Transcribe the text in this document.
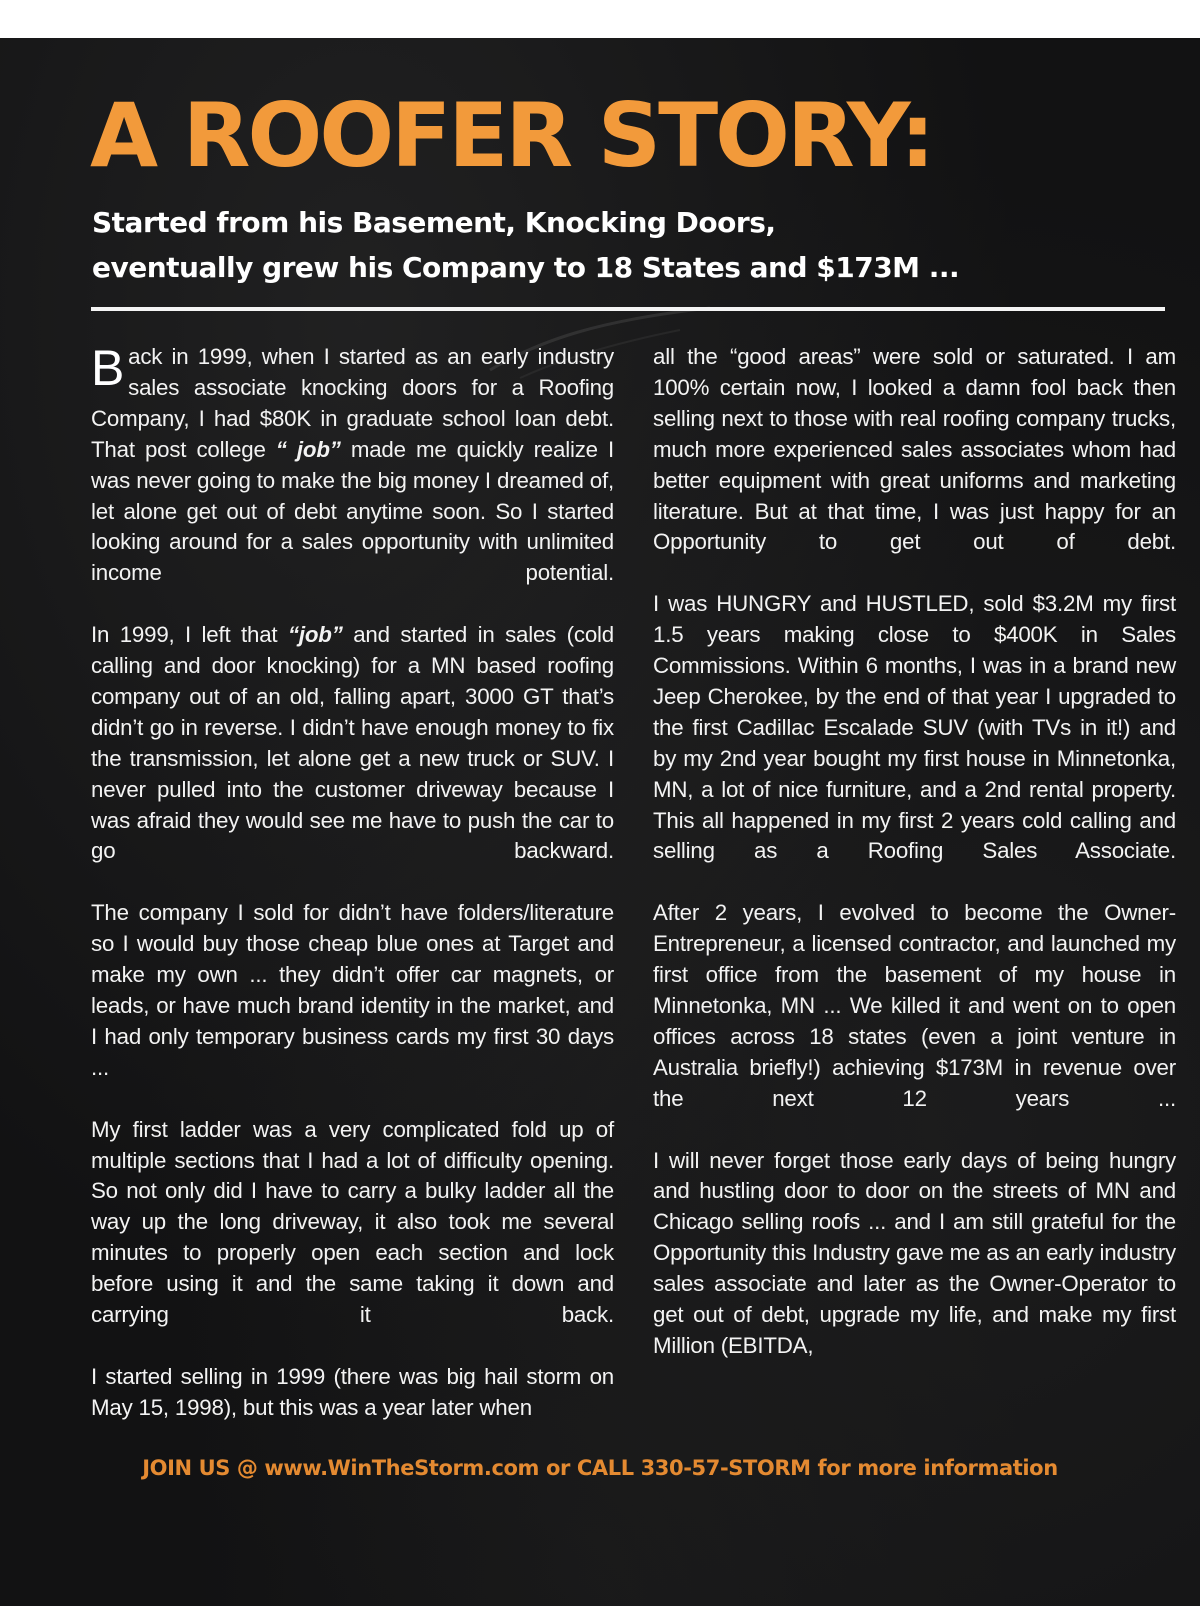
A ROOFER STORY:
Started from his Basement, Knocking Doors,
eventually grew his Company to 18 States and $173M ...

Back in 1999, when I started as an early industry sales associate knocking doors for a Roofing Company, I had $80K in graduate school loan debt. That post college “ job” made me quickly realize I was never going to make the big money I dreamed of, let alone get out of debt anytime soon. So I started looking around for a sales opportunity with unlimited income potential.

In 1999, I left that “job” and started in sales (cold calling and door knocking) for a MN based roofing company out of an old, falling apart, 3000 GT that’s didn’t go in reverse. I didn’t have enough money to fix the transmission, let alone get a new truck or SUV. I never pulled into the customer driveway because I was afraid they would see me have to push the car to go backward.

The company I sold for didn’t have folders/literature so I would buy those cheap blue ones at Target and make my own ... they didn’t offer car magnets, or leads, or have much brand identity in the market, and I had only temporary business cards my first 30 days ...

My first ladder was a very complicated fold up of multiple sections that I had a lot of difficulty opening. So not only did I have to carry a bulky ladder all the way up the long driveway, it also took me several minutes to properly open each section and lock before using it and the same taking it down and carrying it back.

I started selling in 1999 (there was big hail storm on May 15, 1998), but this was a year later when

all the “good areas” were sold or saturated. I am 100% certain now, I looked a damn fool back then selling next to those with real roofing company trucks, much more experienced sales associates whom had better equipment with great uniforms and marketing literature. But at that time, I was just happy for an Opportunity to get out of debt.

I was HUNGRY and HUSTLED, sold $3.2M my first 1.5 years making close to $400K in Sales Commissions. Within 6 months, I was in a brand new Jeep Cherokee, by the end of that year I upgraded to the first Cadillac Escalade SUV (with TVs in it!) and by my 2nd year bought my first house in Minnetonka, MN, a lot of nice furniture, and a 2nd rental property. This all happened in my first 2 years cold calling and selling as a Roofing Sales Associate.

After 2 years, I evolved to become the Owner-Entrepreneur, a licensed contractor, and launched my first office from the basement of my house in Minnetonka, MN ... We killed it and went on to open offices across 18 states (even a joint venture in Australia briefly!) achieving $173M in revenue over the next 12 years ...

I will never forget those early days of being hungry and hustling door to door on the streets of MN and Chicago selling roofs ... and I am still grateful for the Opportunity this Industry gave me as an early industry sales associate and later as the Owner-Operator to get out of debt, upgrade my life, and make my first Million (EBITDA,

JOIN US @ www.WinTheStorm.com or CALL 330-57-STORM for more information
